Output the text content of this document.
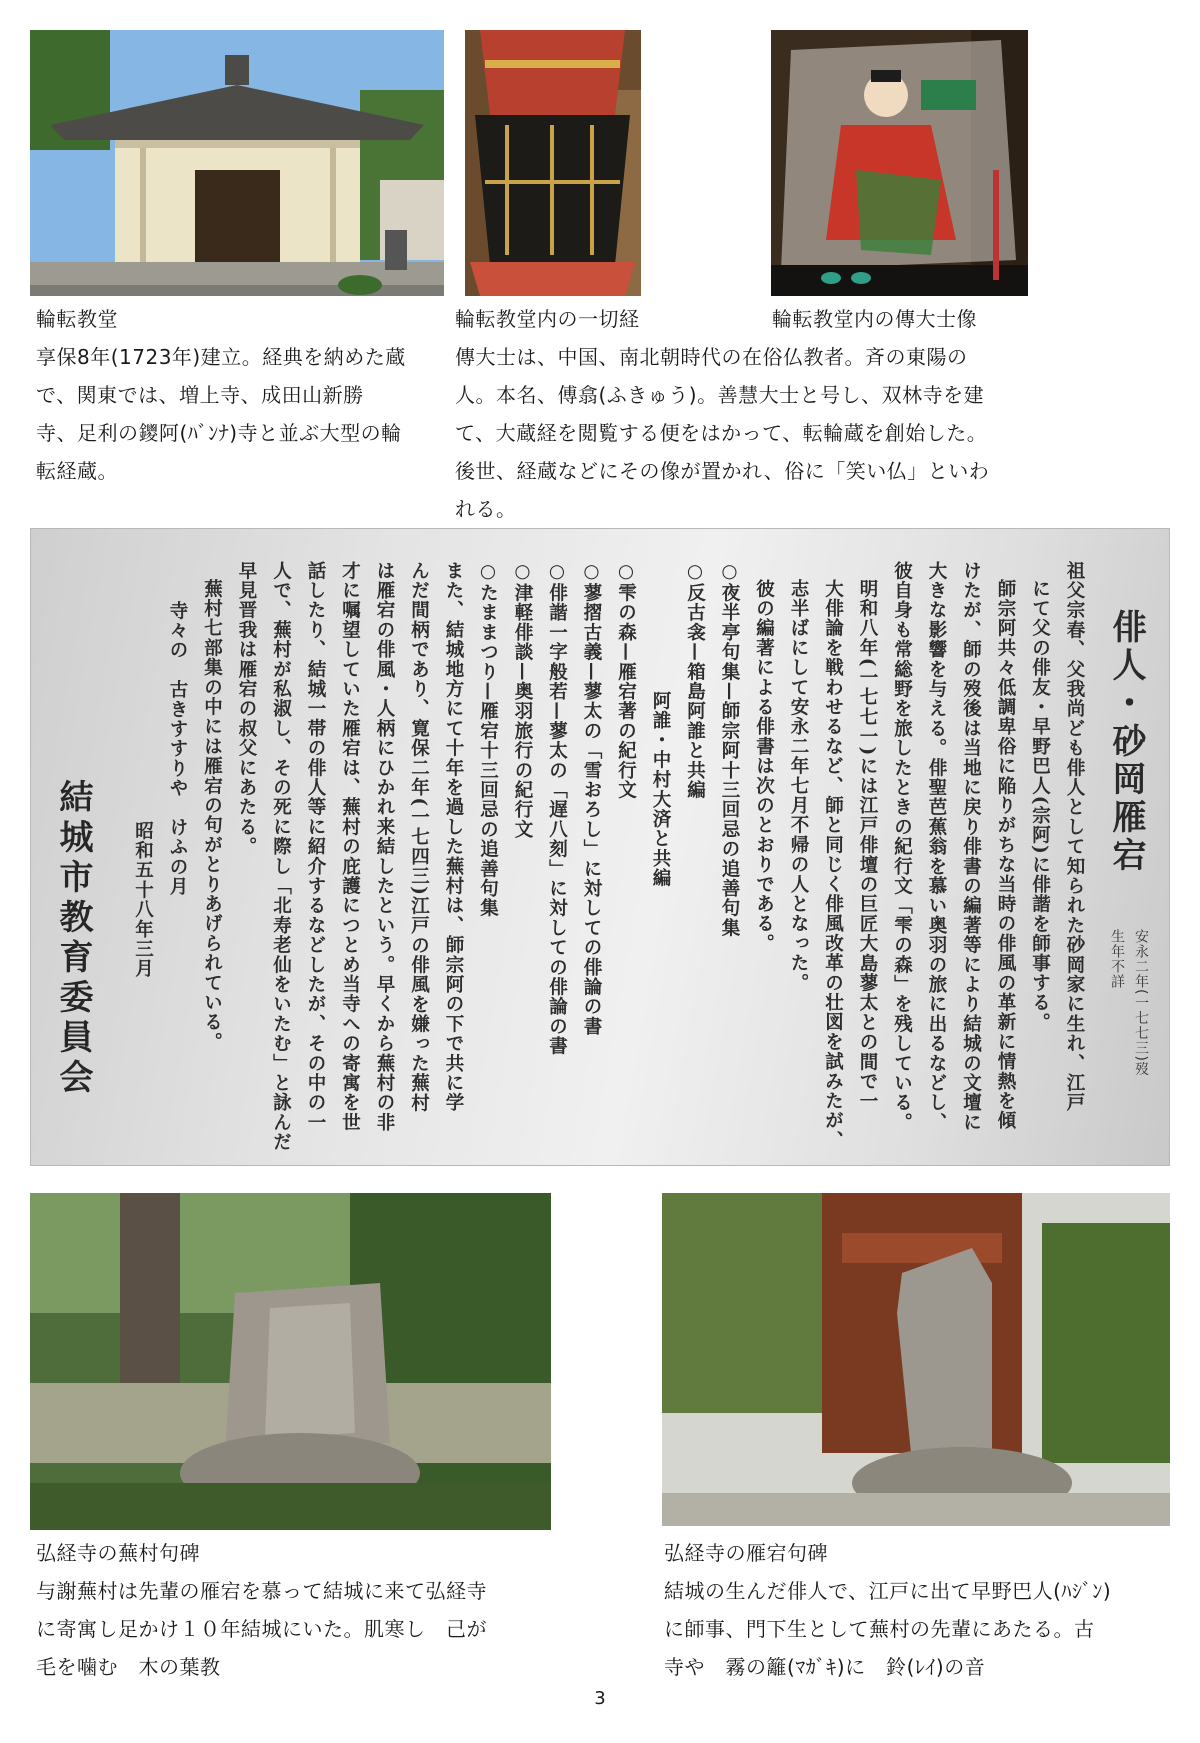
輪転教堂

享保8年(1723年)建立。経典を納めた蔵

で、関東では、増上寺、成田山新勝

寺、足利の鑁阿(ﾊﾞﾝﾅ)寺と並ぶ大型の輪

転経蔵。

輪転教堂内の一切経	輪転教堂内の傳大士像

傳大士は、中国、南北朝時代の在俗仏教者。斉の東陽の

人。本名、傅翕(ふきゅう)。善慧大士と号し、双林寺を建

て、大蔵経を閲覧する便をはかって、転輪蔵を創始した。

後世、経蔵などにその像が置かれ、俗に「笑い仏」といわ

れる。

俳人・砂岡雁宕
生年不詳 安永二年(一七七三)歿
祖父宗春、父我尚ども俳人として知られた砂岡家に生れ、江戸
にて父の俳友・早野巴人(宗阿)に俳諧を師事する。
師宗阿共々低調卑俗に陥りがちな当時の俳風の革新に情熱を傾
けたが、師の歿後は当地に戻り俳書の編著等により結城の文壇に
大きな影響を与える。俳聖芭蕉翁を慕い奥羽の旅に出るなどし、
彼自身も常総野を旅したときの紀行文「雫の森」を残している。
明和八年(一七七一)には江戸俳壇の巨匠大島蓼太との間で一
大俳論を戦わせるなど、師と同じく俳風改革の壮図を試みたが、
志半ばにして安永二年七月不帰の人となった。
彼の編著による俳書は次のとおりである。
○夜半亭句集—師宗阿十三回忌の追善句集
○反古衾—箱島阿誰と共編
阿誰・中村大済と共編
○雫の森—雁宕著の紀行文
○蓼摺古義—蓼太の「雪おろし」に対しての俳論の書
○俳諧一字般若—蓼太の「遅八刻」に対しての俳論の書
○津軽俳談—奥羽旅行の紀行文
○たままつり—雁宕十三回忌の追善句集
また、結城地方にて十年を過した蕪村は、師宗阿の下で共に学
んだ間柄であり、寛保二年(一七四三)江戸の俳風を嫌った蕪村
は雁宕の俳風・人柄にひかれ来結したという。早くから蕪村の非
才に嘱望していた雁宕は、蕪村の庇護につとめ当寺への寄寓を世
話したり、結城一帯の俳人等に紹介するなどしたが、その中の一
人で、蕪村が私淑し、その死に際し「北寿老仙をいたむ」と詠んだ
早見晋我は雁宕の叔父にあたる。
蕪村七部集の中には雁宕の句がとりあげられている。
寺々の　古きすすりや　けふの月
昭和五十八年三月
結城市教育委員会

弘経寺の蕪村句碑

与謝蕪村は先輩の雁宕を慕って結城に来て弘経寺

に寄寓し足かけ１０年結城にいた。肌寒し　己が

毛を噛む　木の葉教

弘経寺の雁宕句碑

結城の生んだ俳人で、江戸に出て早野巴人(ﾊｼﾞﾝ)

に師事、門下生として蕪村の先輩にあたる。古

寺や　霧の籬(ﾏｶﾞｷ)に　鈴(ﾚｲ)の音

3
